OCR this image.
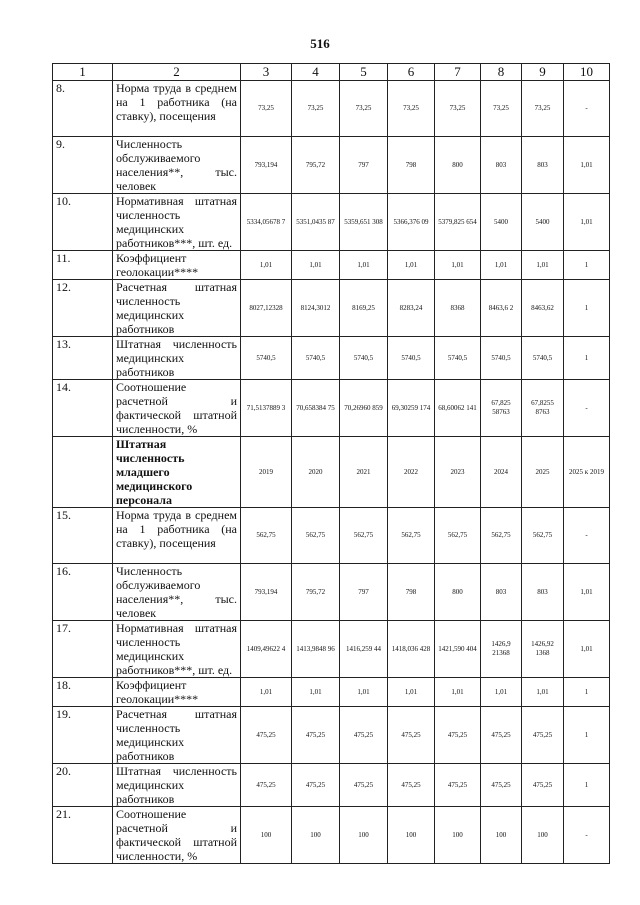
516
1	2	3	4	5	6	7	8	9	10
8.	Норма труда в среднем на 1 работника (на ставку), посещения	73,25	73,25	73,25	73,25	73,25	73,25	73,25	-
9.	Численность обслуживаемого населения**, тыс. человек	793,194	795,72	797	798	800	803	803	1,01
10.	Нормативная штатная численность медицинских работников***, шт. ед.	5334,05678 7	5351,0435 87	5359,651 308	5366,376 09	5379,825 654	5400	5400	1,01
11.	Коэффициент геолокации****	1,01	1,01	1,01	1,01	1,01	1,01	1,01	1
12.	Расчетная штатная численность медицинских работников	8027,12328	8124,3012	8169,25	8283,24	8368	8463,6 2	8463,62	1
13.	Штатная численность медицинских работников	5740,5	5740,5	5740,5	5740,5	5740,5	5740,5	5740,5	1
14.	Соотношение расчетной и фактической штатной численности, %	71,5137889 3	70,658384 75	70,26960 859	69,30259 174	68,60062 141	67,825 58763	67,8255 8763	-
	Штатная численность младшего медицинского персонала	2019	2020	2021	2022	2023	2024	2025	2025 к 2019
15.	Норма труда в среднем на 1 работника (на ставку), посещения	562,75	562,75	562,75	562,75	562,75	562,75	562,75	-
16.	Численность обслуживаемого населения**, тыс. человек	793,194	795,72	797	798	800	803	803	1,01
17.	Нормативная штатная численность медицинских работников***, шт. ед.	1409,49622 4	1413,9848 96	1416,259 44	1418,036 428	1421,590 404	1426,9 21368	1426,92 1368	1,01
18.	Коэффициент геолокации****	1,01	1,01	1,01	1,01	1,01	1,01	1,01	1
19.	Расчетная штатная численность медицинских работников	475,25	475,25	475,25	475,25	475,25	475,25	475,25	1
20.	Штатная численность медицинских работников	475,25	475,25	475,25	475,25	475,25	475,25	475,25	1
21.	Соотношение расчетной и фактической штатной численности, %	100	100	100	100	100	100	100	-
